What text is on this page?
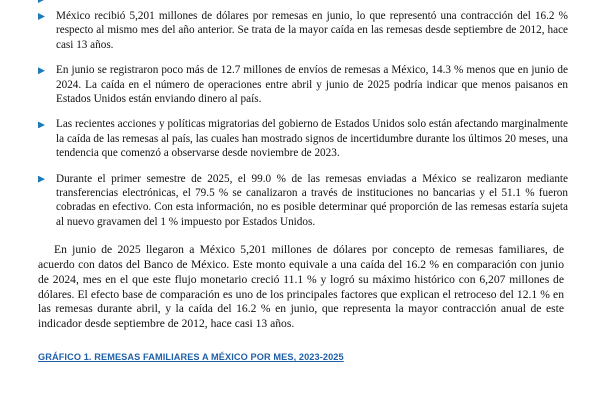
México recibió 5,201 millones de dólares por remesas en junio, lo que representó una contracción del 16.2 % respecto al mismo mes del año anterior. Se trata de la mayor caída en las remesas desde septiembre de 2012, hace casi 13 años.
En junio se registraron poco más de 12.7 millones de envíos de remesas a México, 14.3 % menos que en junio de 2024. La caída en el número de operaciones entre abril y junio de 2025 podría indicar que menos paisanos en Estados Unidos están enviando dinero al país.
Las recientes acciones y políticas migratorias del gobierno de Estados Unidos solo están afectando marginalmente la caída de las remesas al país, las cuales han mostrado signos de incertidumbre durante los últimos 20 meses, una tendencia que comenzó a observarse desde noviembre de 2023.
Durante el primer semestre de 2025, el 99.0 % de las remesas enviadas a México se realizaron mediante transferencias electrónicas, el 79.5 % se canalizaron a través de instituciones no bancarias y el 51.1 % fueron cobradas en efectivo. Con esta información, no es posible determinar qué proporción de las remesas estaría sujeta al nuevo gravamen del 1 % impuesto por Estados Unidos.

En junio de 2025 llegaron a México 5,201 millones de dólares por concepto de remesas familiares, de acuerdo con datos del Banco de México. Este monto equivale a una caída del 16.2 % en comparación con junio de 2024, mes en el que este flujo monetario creció 11.1 % y logró su máximo histórico con 6,207 millones de dólares. El efecto base de comparación es uno de los principales factores que explican el retroceso del 12.1 % en las remesas durante abril, y la caída del 16.2 % en junio, que representa la mayor contracción anual de este indicador desde septiembre de 2012, hace casi 13 años.

GRÁFICO 1. REMESAS FAMILIARES A MÉXICO POR MES, 2023-2025
